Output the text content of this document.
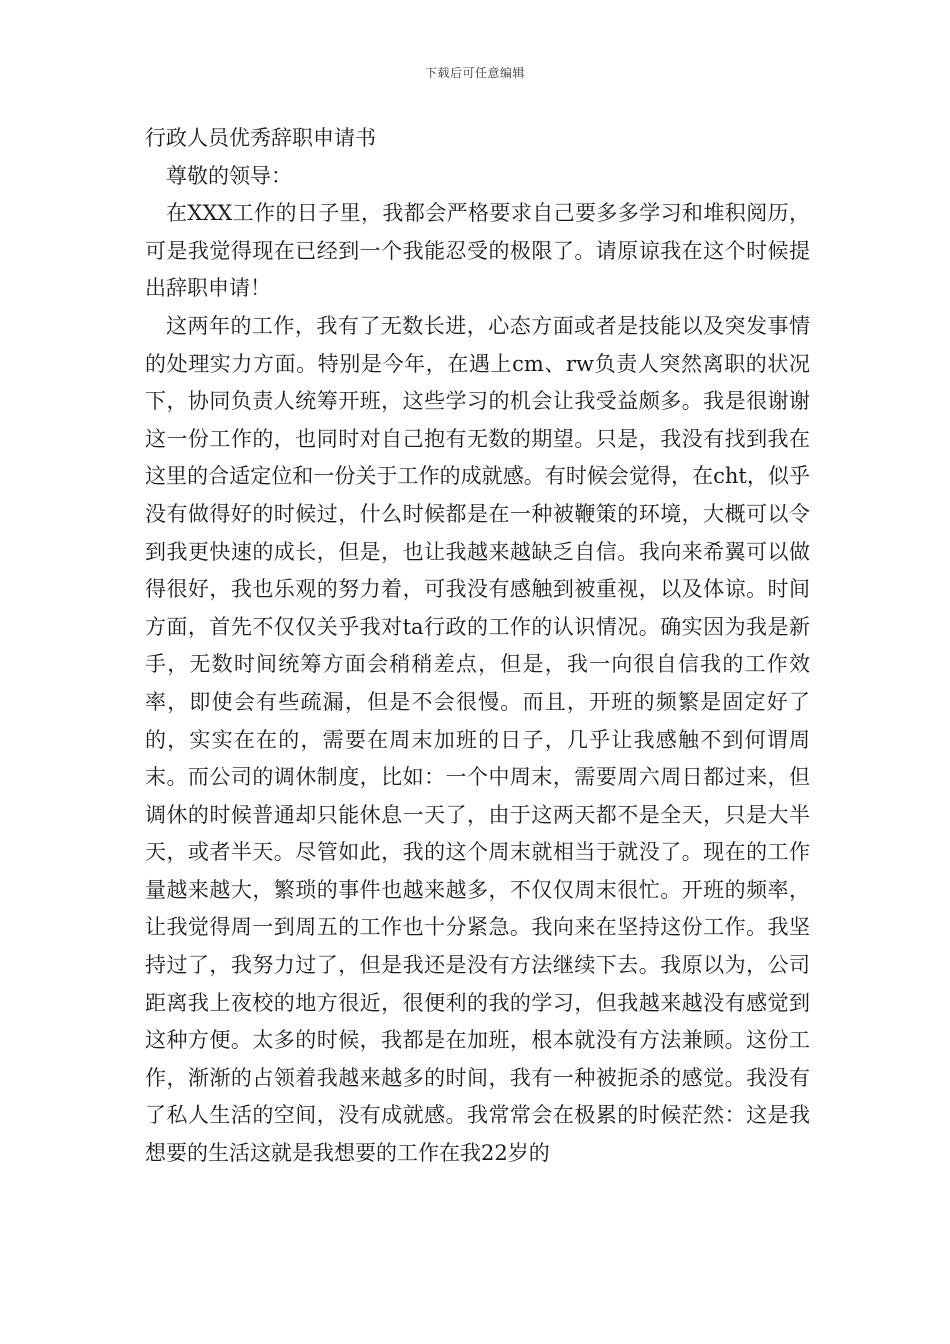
下载后可任意编辑
行政人员优秀辞职申请书

尊敬的领导：

在XXX工作的日子里，我都会严格要求自己要多多学习和堆积阅历，可是我觉得现在已经到一个我能忍受的极限了。请原谅我在这个时候提出辞职申请！

这两年的工作，我有了无数长进，心态方面或者是技能以及突发事情的处理实力方面。特别是今年，在遇上cm、rw负责人突然离职的状况下，协同负责人统筹开班，这些学习的机会让我受益颇多。我是很谢谢这一份工作的，也同时对自己抱有无数的期望。只是，我没有找到我在这里的合适定位和一份关于工作的成就感。有时候会觉得，在cht，似乎没有做得好的时候过，什么时候都是在一种被鞭策的环境，大概可以令到我更快速的成长，但是，也让我越来越缺乏自信。我向来希翼可以做得很好，我也乐观的努力着，可我没有感触到被重视，以及体谅。时间方面，首先不仅仅关乎我对ta行政的工作的认识情况。确实因为我是新手，无数时间统筹方面会稍稍差点，但是，我一向很自信我的工作效率，即使会有些疏漏，但是不会很慢。而且，开班的频繁是固定好了的，实实在在的，需要在周末加班的日子，几乎让我感触不到何谓周末。而公司的调休制度，比如：一个中周末，需要周六周日都过来，但调休的时候普通却只能休息一天了，由于这两天都不是全天，只是大半天，或者半天。尽管如此，我的这个周末就相当于就没了。现在的工作量越来越大，繁琐的事件也越来越多，不仅仅周末很忙。开班的频率，让我觉得周一到周五的工作也十分紧急。我向来在坚持这份工作。我坚持过了，我努力过了，但是我还是没有方法继续下去。我原以为，公司距离我上夜校的地方很近，很便利的我的学习，但我越来越没有感觉到这种方便。太多的时候，我都是在加班，根本就没有方法兼顾。这份工作，渐渐的占领着我越来越多的时间，我有一种被扼杀的感觉。我没有了私人生活的空间，没有成就感。我常常会在极累的时候茫然：这是我想要的生活这就是我想要的工作在我22岁的
